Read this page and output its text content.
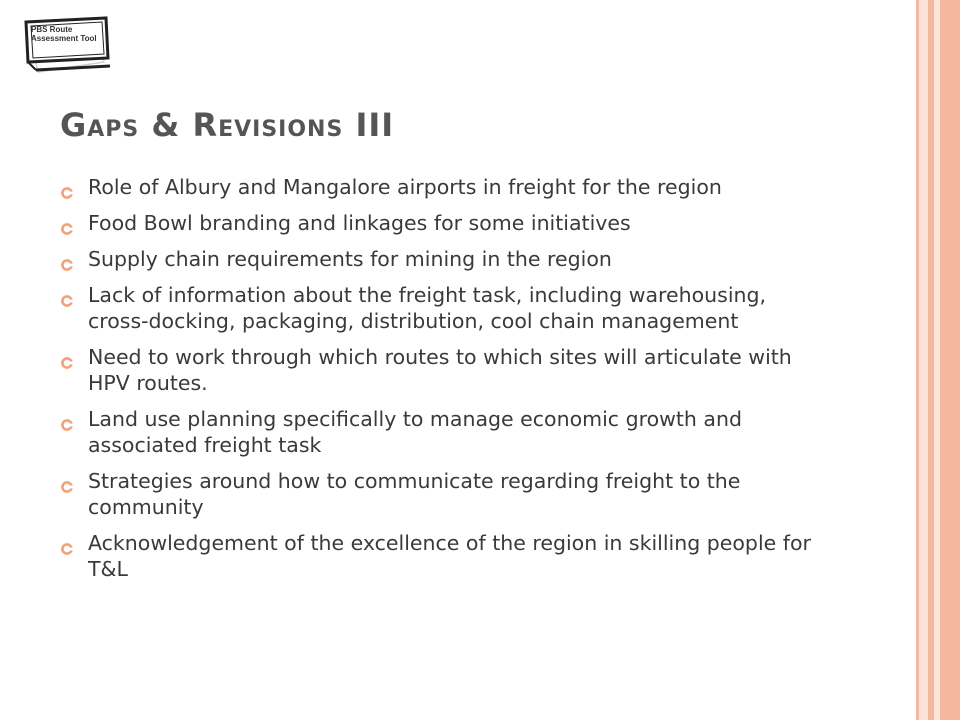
PBS Route
Assessment Tool
Gaps & Revisions III
Role of Albury and Mangalore airports in freight for the region
Food Bowl branding and linkages for some initiatives
Supply chain requirements for mining in the region
Lack of information about the freight task, including warehousing, cross-docking, packaging, distribution, cool chain management
Need to work through which routes to which sites will articulate with HPV routes.
Land use planning specifically to manage economic growth and associated freight task
Strategies around how to communicate regarding freight to the community
Acknowledgement of the excellence of the region in skilling people for T&L
